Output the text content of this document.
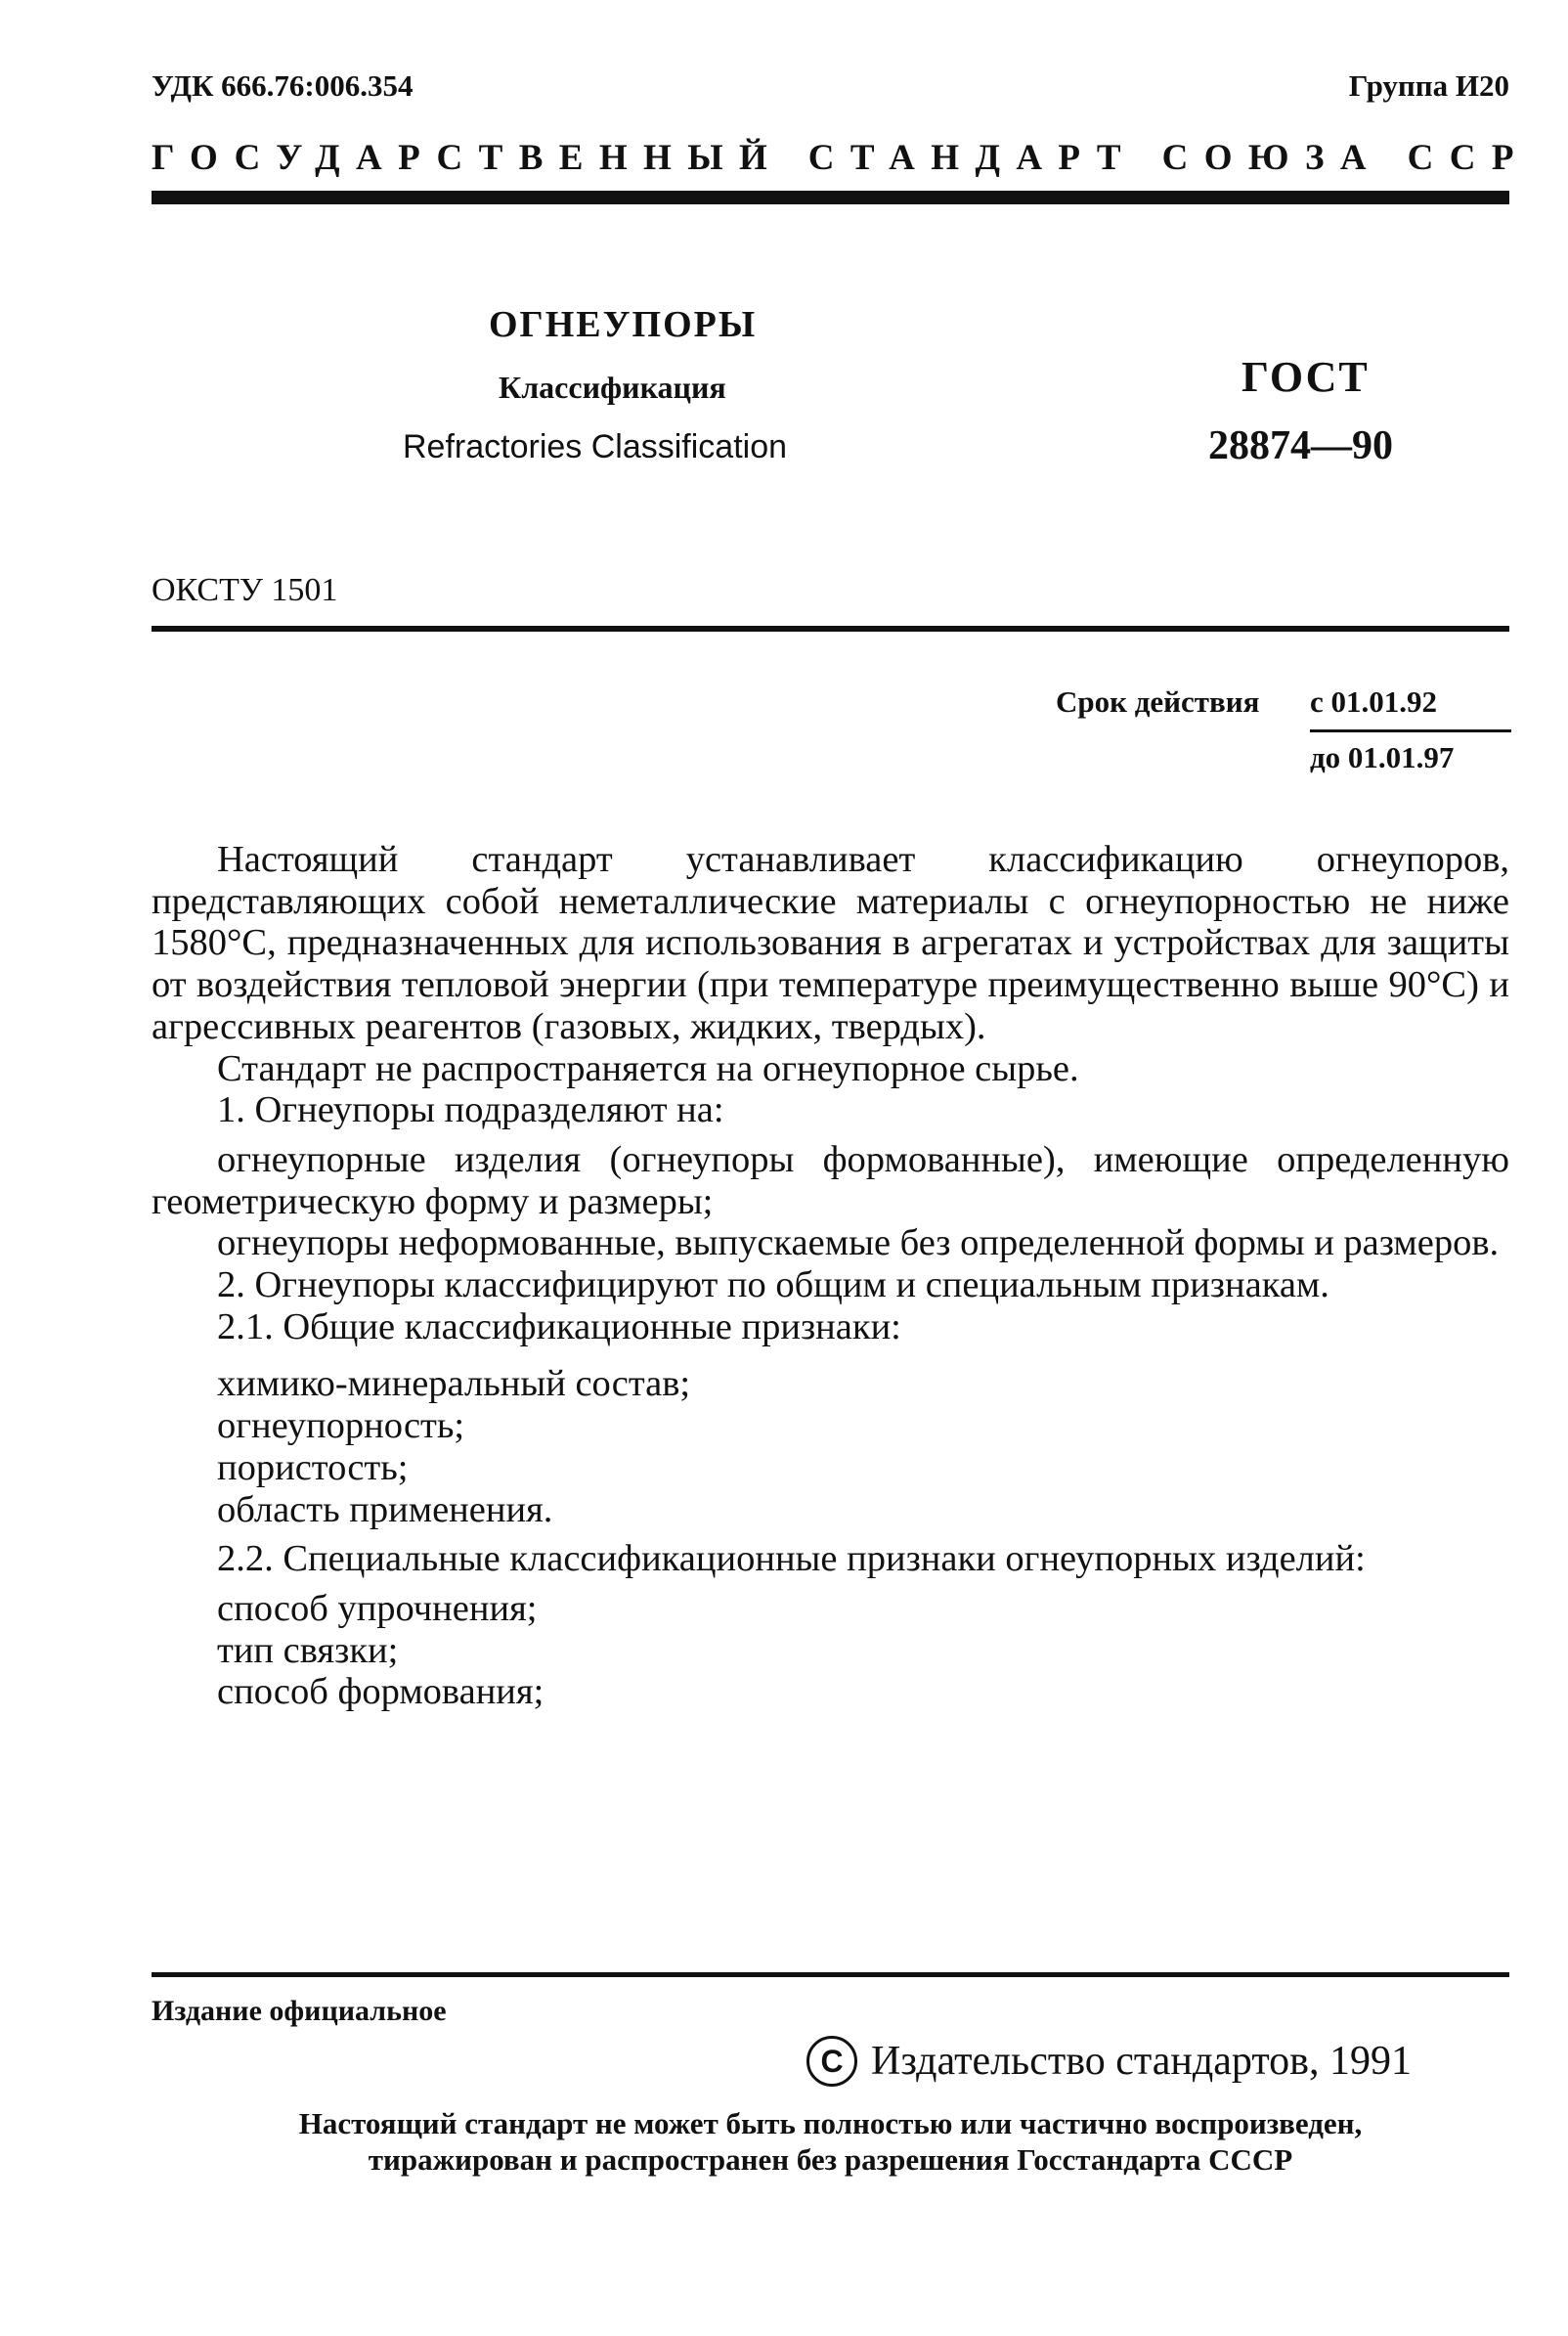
УДК 666.76:006.354	Группа И20
ГОСУДАРСТВЕННЫЙ СТАНДАРТ СОЮЗА ССР
ОГНЕУПОРЫ
Классификация
Refractories Classification
ГОСТ
28874—90
ОКСТУ 1501
Срок действия с 01.01.92
до 01.01.97

Настоящий стандарт устанавливает классификацию огнеупоров, представляющих собой неметаллические материалы с огнеупорностью не ниже 1580°С, предназначенных для использования в агрегатах и устройствах для защиты от воздействия тепловой энергии (при температуре преимущественно выше 90°С) и агрессивных реагентов (газовых, жидких, твердых).

Стандарт не распространяется на огнеупорное сырье.

1. Огнеупоры подразделяют на:

огнеупорные изделия (огнеупоры формованные), имеющие определенную геометрическую форму и размеры;

огнеупоры неформованные, выпускаемые без определенной формы и размеров.

2. Огнеупоры классифицируют по общим и специальным признакам.

2.1. Общие классификационные признаки:

химико-минеральный состав;

огнеупорность;

пористость;

область применения.

2.2. Специальные классификационные признаки огнеупорных изделий:

способ упрочнения;

тип связки;

способ формования;

Издание официальное
C Издательство стандартов, 1991
Настоящий стандарт не может быть полностью или частично воспроизведен,
тиражирован и распространен без разрешения Госстандарта СССР
